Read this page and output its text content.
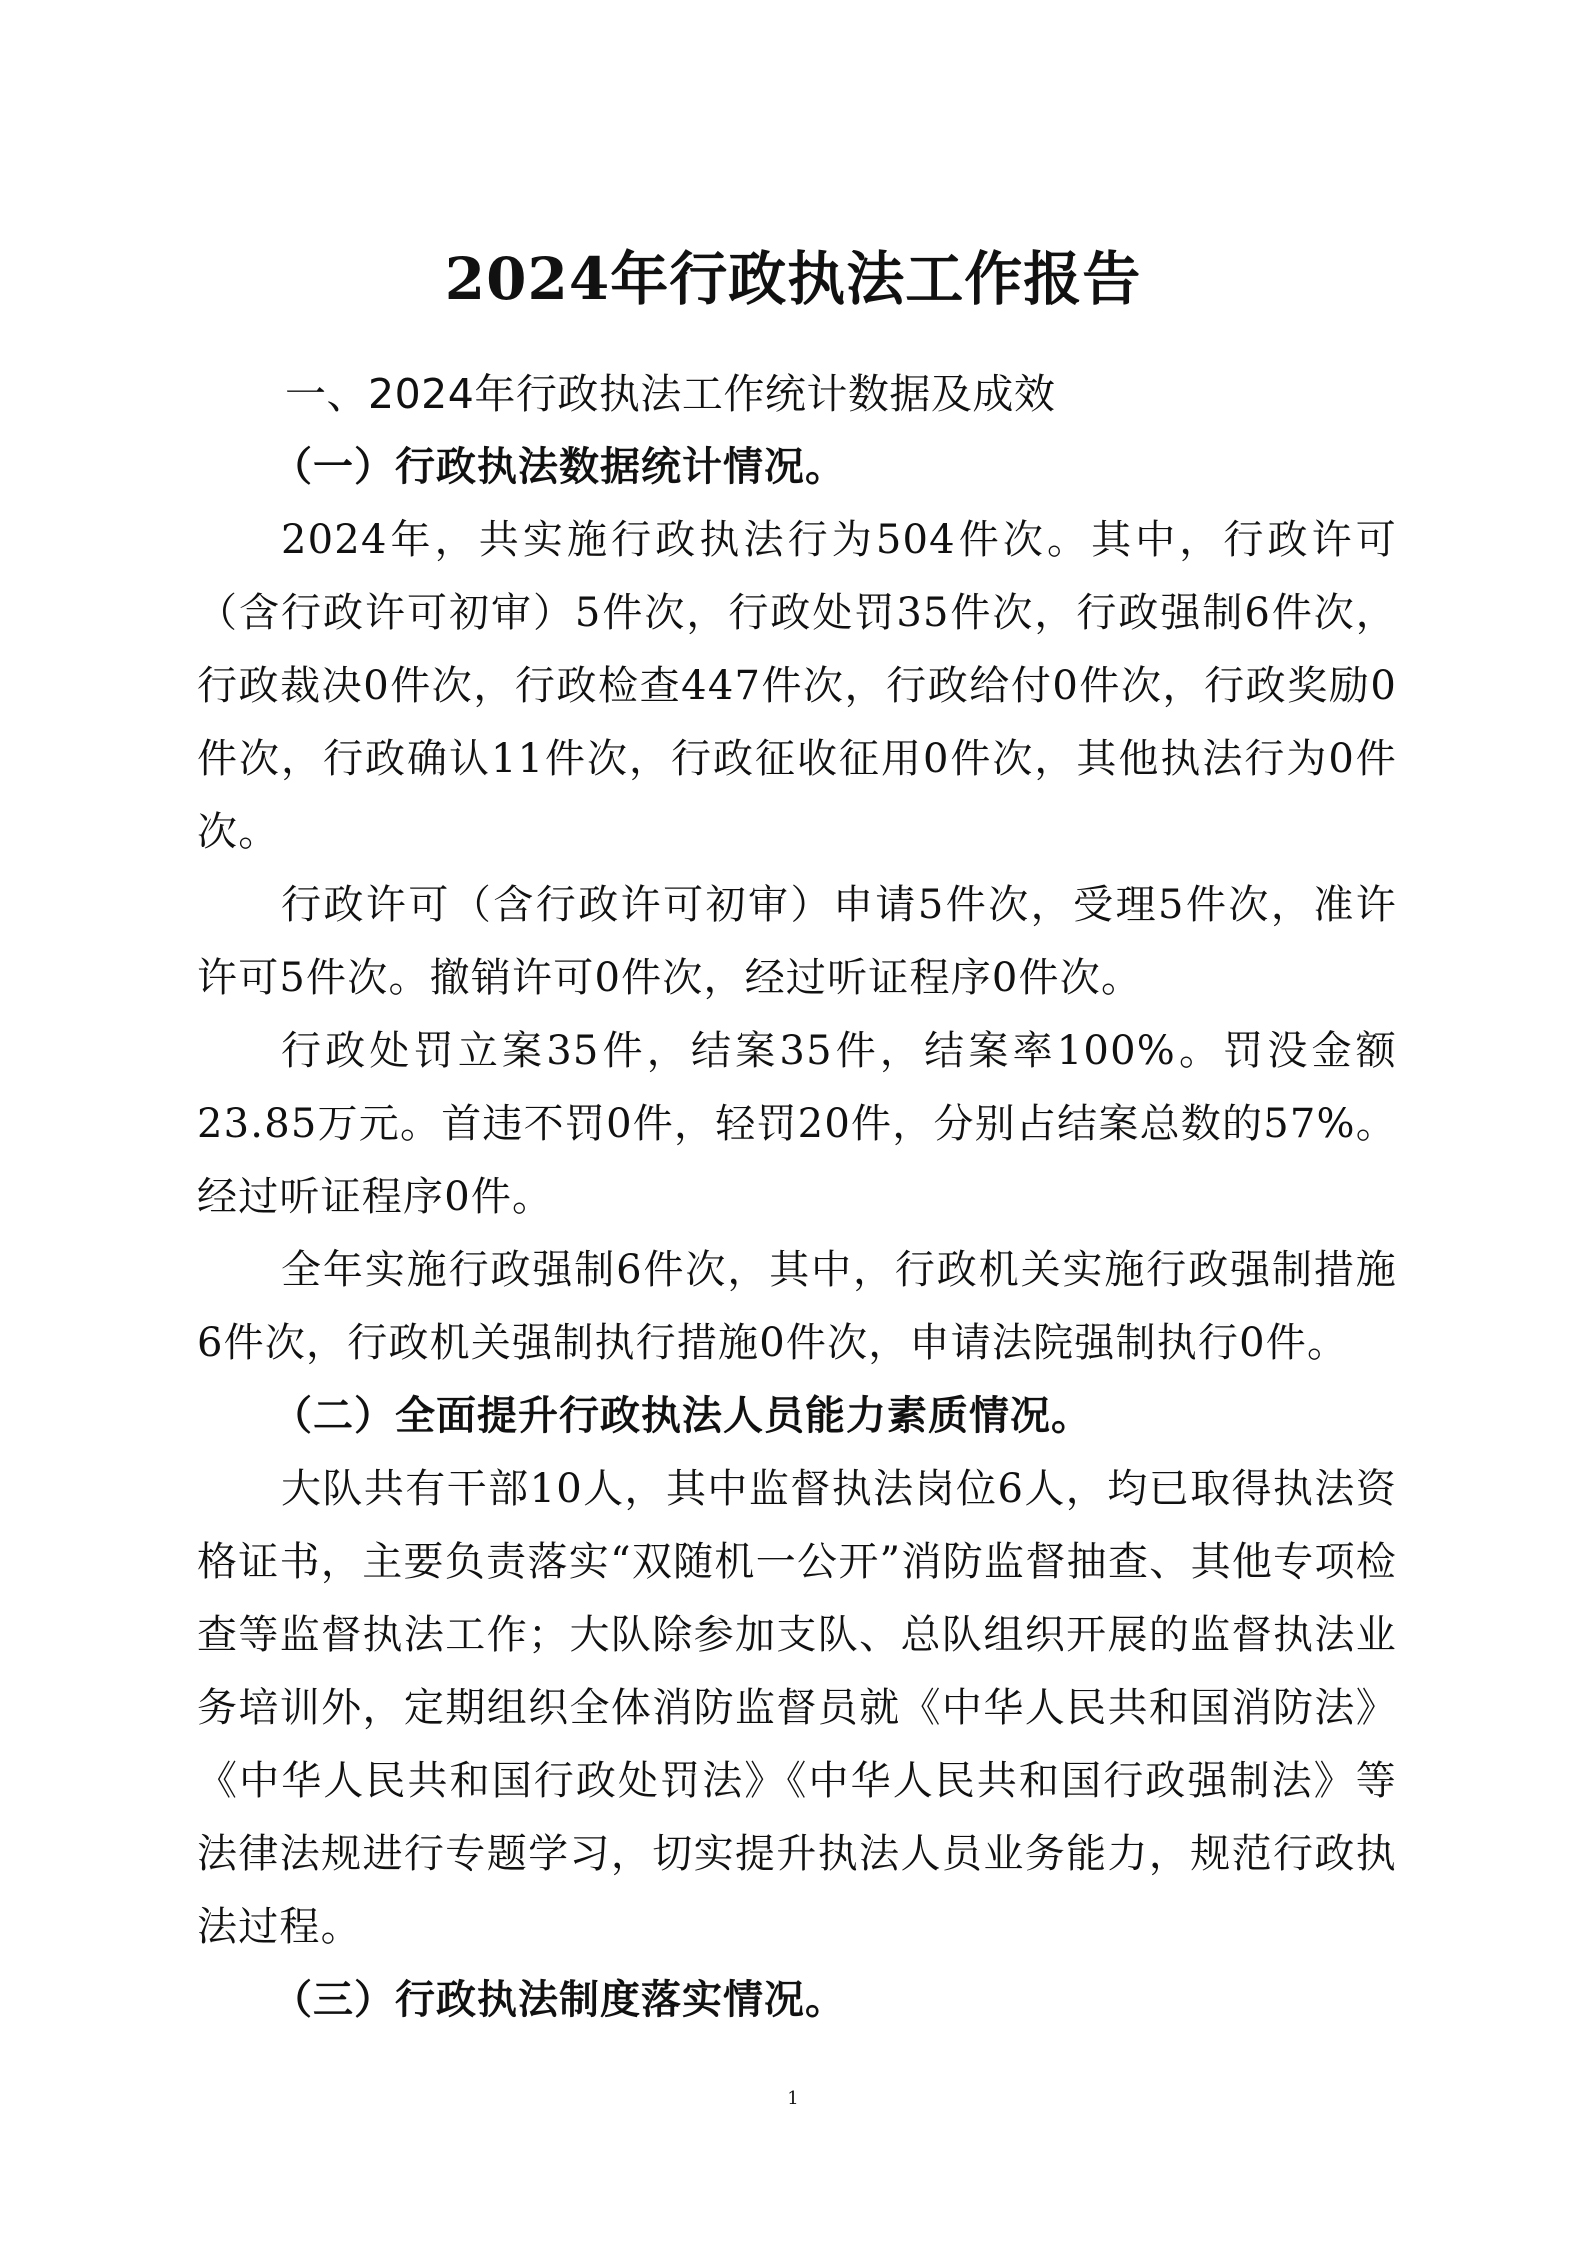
2024年行政执法工作报告

一、2024年行政执法工作统计数据及成效

（一）行政执法数据统计情况。

2024年，共实施行政执法行为504件次。其中，行政许可（含行政许可初审）5件次，行政处罚35件次，行政强制6件次，行政裁决0件次，行政检查447件次，行政给付0件次，行政奖励0件次，行政确认11件次，行政征收征用0件次，其他执法行为0件次。

行政许可（含行政许可初审）申请5件次，受理5件次，准许许可5件次。撤销许可0件次，经过听证程序0件次。

行政处罚立案35件，结案35件，结案率100%。罚没金额23.85万元。首违不罚0件，轻罚20件，分别占结案总数的57%。经过听证程序0件。

全年实施行政强制6件次，其中，行政机关实施行政强制措施6件次，行政机关强制执行措施0件次，申请法院强制执行0件。

（二）全面提升行政执法人员能力素质情况。

大队共有干部10人，其中监督执法岗位6人，均已取得执法资格证书，主要负责落实“双随机一公开”消防监督抽查、其他专项检查等监督执法工作；大队除参加支队、总队组织开展的监督执法业务培训外，定期组织全体消防监督员就《中华人民共和国消防法》《中华人民共和国行政处罚法》《中华人民共和国行政强制法》等法律法规进行专题学习，切实提升执法人员业务能力，规范行政执法过程。

（三）行政执法制度落实情况。

1
